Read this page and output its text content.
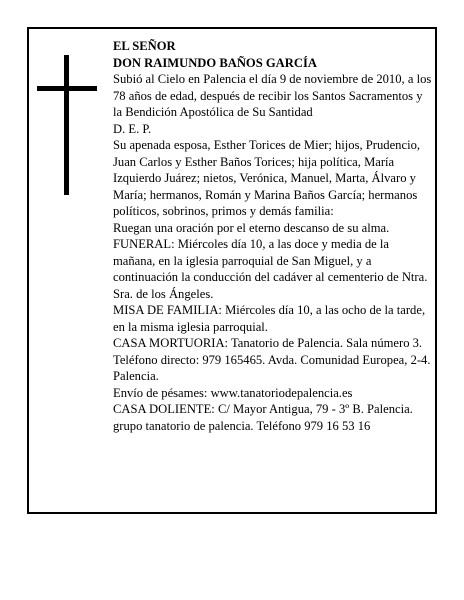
EL SEÑOR

DON RAIMUNDO BAÑOS GARCÍA

Subió al Cielo en Palencia el día 9 de noviembre de 2010, a los 78 años de edad, después de recibir los Santos Sacramentos y la Bendición Apostólica de Su Santidad

D. E. P.

Su apenada esposa, Esther Torices de Mier; hijos, Prudencio, Juan Carlos y Esther Baños Torices; hija política, María Izquierdo Juárez; nietos, Verónica, Manuel, Marta, Álvaro y María; hermanos, Román y Marina Baños García; hermanos políticos, sobrinos, primos y demás familia:

Ruegan una oración por el eterno descanso de su alma.

FUNERAL: Miércoles día 10, a las doce y media de la mañana, en la iglesia parroquial de San Miguel, y a continuación la conducción del cadáver al cementerio de Ntra. Sra. de los Ángeles.

MISA DE FAMILIA: Miércoles día 10, a las ocho de la tarde, en la misma iglesia parroquial.

CASA MORTUORIA: Tanatorio de Palencia. Sala número 3. Teléfono directo: 979 165465. Avda. Comunidad Europea, 2-4. Palencia.

Envío de pésames: www.tanatoriodepalencia.es

CASA DOLIENTE: C/ Mayor Antigua, 79 - 3º B. Palencia.

grupo tanatorio de palencia. Teléfono 979 16 53 16
